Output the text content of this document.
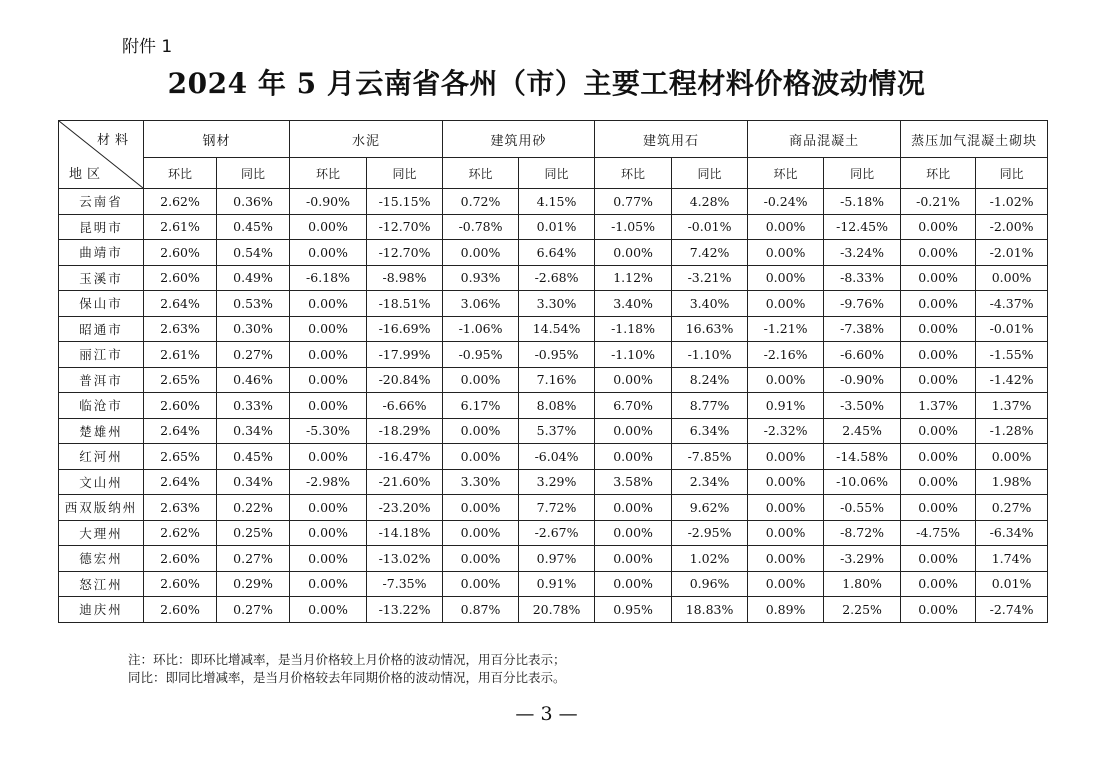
附件 1
2024 年 5 月云南省各州（市）主要工程材料价格波动情况
材料
地区	钢材		水泥		建筑用砂		建筑用石		商品混凝土		蒸压加气混凝土砌块	
	环比	同比	环比	同比	环比	同比	环比	同比	环比	同比	环比	同比
云南省	2.62%	0.36%	-0.90%	-15.15%	0.72%	4.15%	0.77%	4.28%	-0.24%	-5.18%	-0.21%	-1.02%
昆明市	2.61%	0.45%	0.00%	-12.70%	-0.78%	0.01%	-1.05%	-0.01%	0.00%	-12.45%	0.00%	-2.00%
曲靖市	2.60%	0.54%	0.00%	-12.70%	0.00%	6.64%	0.00%	7.42%	0.00%	-3.24%	0.00%	-2.01%
玉溪市	2.60%	0.49%	-6.18%	-8.98%	0.93%	-2.68%	1.12%	-3.21%	0.00%	-8.33%	0.00%	0.00%
保山市	2.64%	0.53%	0.00%	-18.51%	3.06%	3.30%	3.40%	3.40%	0.00%	-9.76%	0.00%	-4.37%
昭通市	2.63%	0.30%	0.00%	-16.69%	-1.06%	14.54%	-1.18%	16.63%	-1.21%	-7.38%	0.00%	-0.01%
丽江市	2.61%	0.27%	0.00%	-17.99%	-0.95%	-0.95%	-1.10%	-1.10%	-2.16%	-6.60%	0.00%	-1.55%
普洱市	2.65%	0.46%	0.00%	-20.84%	0.00%	7.16%	0.00%	8.24%	0.00%	-0.90%	0.00%	-1.42%
临沧市	2.60%	0.33%	0.00%	-6.66%	6.17%	8.08%	6.70%	8.77%	0.91%	-3.50%	1.37%	1.37%
楚雄州	2.64%	0.34%	-5.30%	-18.29%	0.00%	5.37%	0.00%	6.34%	-2.32%	2.45%	0.00%	-1.28%
红河州	2.65%	0.45%	0.00%	-16.47%	0.00%	-6.04%	0.00%	-7.85%	0.00%	-14.58%	0.00%	0.00%
文山州	2.64%	0.34%	-2.98%	-21.60%	3.30%	3.29%	3.58%	2.34%	0.00%	-10.06%	0.00%	1.98%
西双版纳州	2.63%	0.22%	0.00%	-23.20%	0.00%	7.72%	0.00%	9.62%	0.00%	-0.55%	0.00%	0.27%
大理州	2.62%	0.25%	0.00%	-14.18%	0.00%	-2.67%	0.00%	-2.95%	0.00%	-8.72%	-4.75%	-6.34%
德宏州	2.60%	0.27%	0.00%	-13.02%	0.00%	0.97%	0.00%	1.02%	0.00%	-3.29%	0.00%	1.74%
怒江州	2.60%	0.29%	0.00%	-7.35%	0.00%	0.91%	0.00%	0.96%	0.00%	1.80%	0.00%	0.01%
迪庆州	2.60%	0.27%	0.00%	-13.22%	0.87%	20.78%	0.95%	18.83%	0.89%	2.25%	0.00%	-2.74%
注：环比：即环比增减率，是当月价格较上月价格的波动情况，用百分比表示；
同比：即同比增减率，是当月价格较去年同期价格的波动情况，用百分比表示。
— 3 —
